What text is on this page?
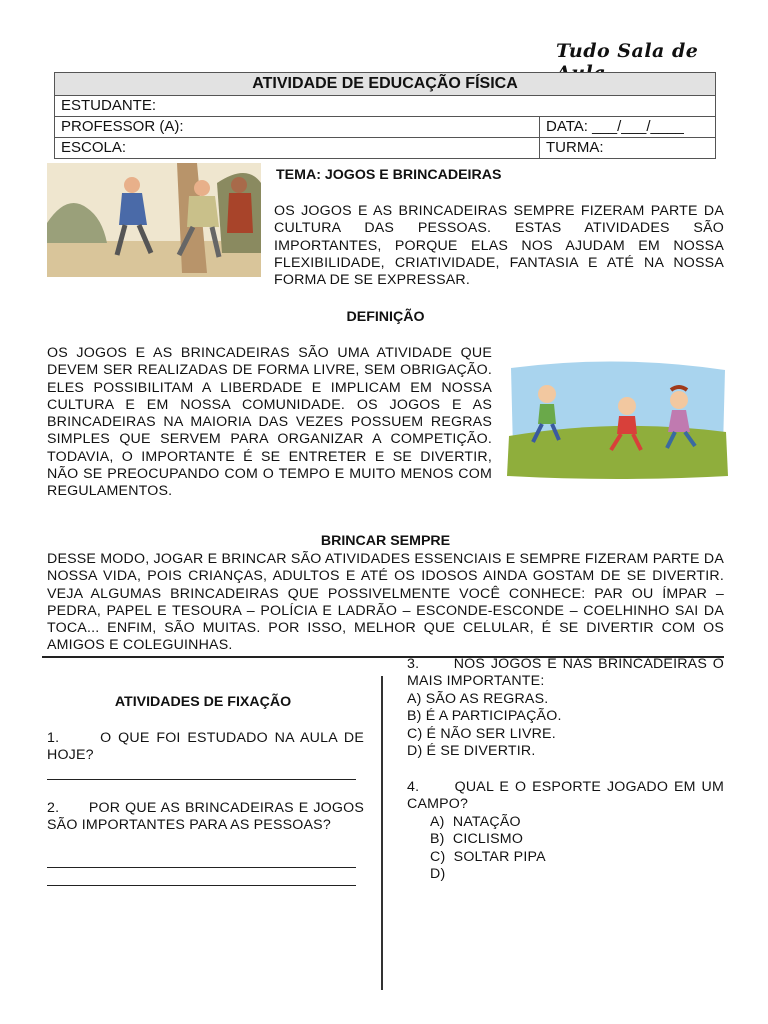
Tudo Sala de
ATIVIDADE DE EDUCAÇÃO FÍSICA	
ESTUDANTE:	
PROFESSOR (A):	DATA: ___/___/____
ESCOLA:	TURMA:
TEMA: JOGOS E BRINCADEIRAS
OS JOGOS E AS BRINCADEIRAS SEMPRE FIZERAM PARTE DA CULTURA DAS PESSOAS. ESTAS ATIVIDADES SÃO IMPORTANTES, PORQUE ELAS NOS AJUDAM EM NOSSA FLEXIBILIDADE, CRIATIVIDADE, FANTASIA E ATÉ NA NOSSA FORMA DE SE EXPRESSAR.
DEFINIÇÃO
OS JOGOS E AS BRINCADEIRAS SÃO UMA ATIVIDADE QUE DEVEM SER REALIZADAS DE FORMA LIVRE, SEM OBRIGAÇÃO. ELES POSSIBILITAM A LIBERDADE E IMPLICAM EM NOSSA CULTURA E EM NOSSA COMUNIDADE. OS JOGOS E AS BRINCADEIRAS NA MAIORIA DAS VEZES POSSUEM REGRAS SIMPLES QUE SERVEM PARA ORGANIZAR A COMPETIÇÃO. TODAVIA, O IMPORTANTE É SE ENTRETER E SE DIVERTIR, NÃO SE PREOCUPANDO COM O TEMPO E MUITO MENOS COM REGULAMENTOS.
BRINCAR SEMPRE
DESSE MODO, JOGAR E BRINCAR SÃO ATIVIDADES ESSENCIAIS E SEMPRE FIZERAM PARTE DA NOSSA VIDA, POIS CRIANÇAS, ADULTOS E ATÉ OS IDOSOS AINDA GOSTAM DE SE DIVERTIR. VEJA ALGUMAS BRINCADEIRAS QUE POSSIVELMENTE VOCÊ CONHECE: PAR OU ÍMPAR – PEDRA, PAPEL E TESOURA – POLÍCIA E LADRÃO – ESCONDE-ESCONDE – COELHINHO SAI DA TOCA... ENFIM, SÃO MUITAS. POR ISSO, MELHOR QUE CELULAR, É SE DIVERTIR COM OS AMIGOS E COLEGUINHAS.
ATIVIDADES DE FIXAÇÃO
1.      O QUE FOI ESTUDADO NA AULA DE HOJE?
2.      POR QUE AS BRINCADEIRAS E JOGOS SÃO IMPORTANTES PARA AS PESSOAS?
3.      NOS JOGOS E NAS BRINCADEIRAS O MAIS IMPORTANTE:
A) SÃO AS REGRAS.
B) É A PARTICIPAÇÃO.
C) É NÃO SER LIVRE.
D) É SE DIVERTIR.
4.      QUAL E O ESPORTE JOGADO EM UM CAMPO?
A)  NATAÇÃO
B)  CICLISMO
C)  SOLTAR PIPA
D)
